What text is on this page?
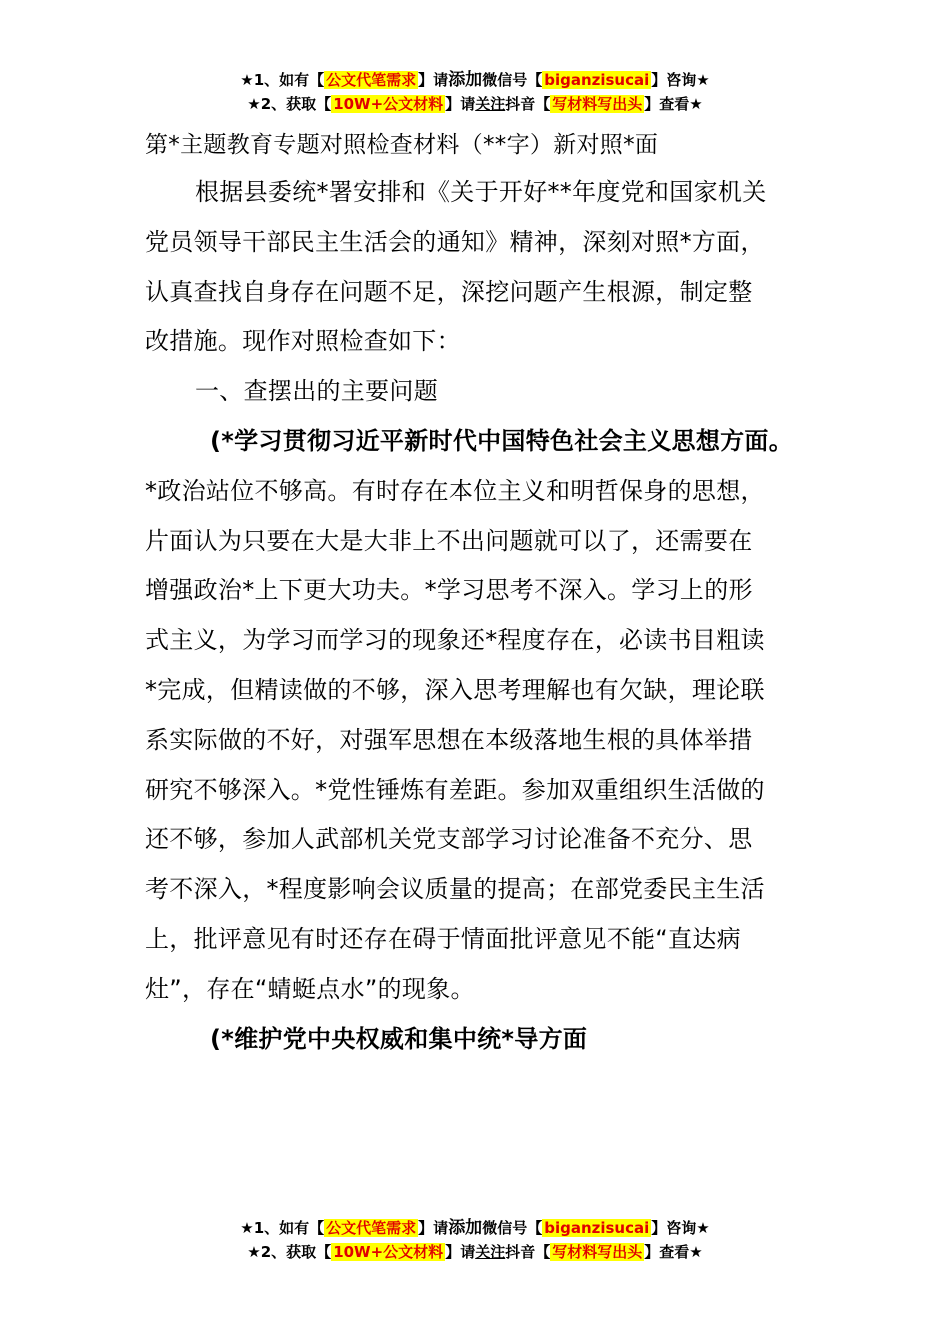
★1、如有【 公文代笔需求 】请添加微信号【 biganzisucai 】咨询★
★2、获取【 10W+公文材料 】请关注抖音【 写材料写出头 】查看★

第*主题教育专题对照检查材料（**字）新对照*面

根据县委统*署安排和《关于开好**年度党和国家机关

党员领导干部民主生活会的通知》精神，深刻对照*方面，

认真查找自身存在问题不足，深挖问题产生根源，制定整

改措施。现作对照检查如下：

一、查摆出的主要问题

(*学习贯彻习近平新时代中国特色社会主义思想方面。

*政治站位不够高。有时存在本位主义和明哲保身的思想，

片面认为只要在大是大非上不出问题就可以了，还需要在

增强政治*上下更大功夫。*学习思考不深入。学习上的形

式主义，为学习而学习的现象还*程度存在，必读书目粗读

*完成，但精读做的不够，深入思考理解也有欠缺，理论联

系实际做的不好，对强军思想在本级落地生根的具体举措

研究不够深入。*党性锤炼有差距。参加双重组织生活做的

还不够，参加人武部机关党支部学习讨论准备不充分、思

考不深入，*程度影响会议质量的提高；在部党委民主生活

上，批评意见有时还存在碍于情面批评意见不能“直达病

灶”，存在“蜻蜓点水”的现象。

(*维护党中央权威和集中统*导方面

★1、如有【 公文代笔需求 】请添加微信号【 biganzisucai 】咨询★
★2、获取【 10W+公文材料 】请关注抖音【 写材料写出头 】查看★
